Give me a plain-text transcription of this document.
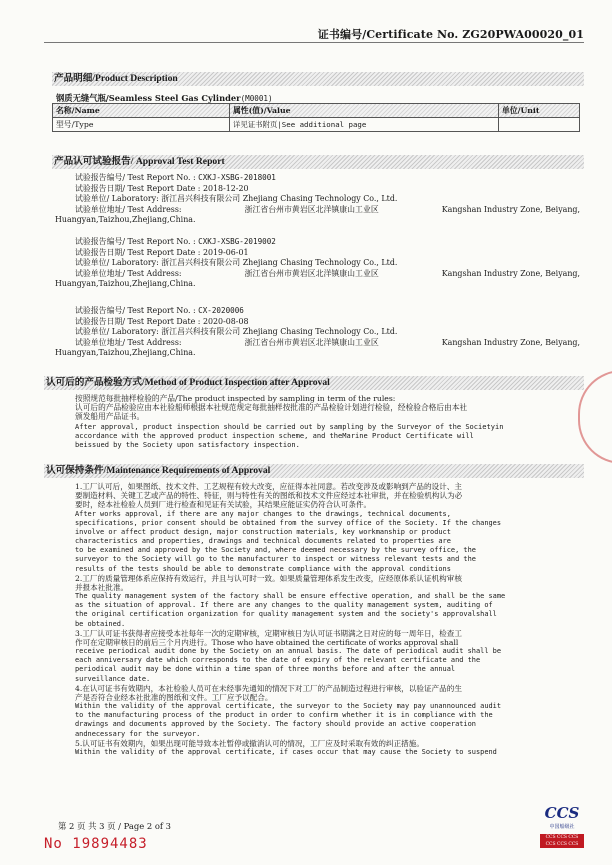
证书编号/Certificate No. ZG20PWA00020_01
产品明细/Product Description
钢质无缝气瓶/Seamless Steel Gas Cylinder(M0001)
名称/Name	属性(值)/Value	单位/Unit
型号/Type	详见证书附页|See additional page	
产品认可试验报告/ Approval Test Report
试验报告编号/ Test Report No. : CXKJ-XSBG-2018001
试验报告日期/ Test Report Date : 2018-12-20
试验单位/ Laboratory: 浙江昌兴科技有限公司 Zhejiang Chasing Technology Co., Ltd.
试验单位地址/ Test Address:	浙江省台州市黄岩区北洋镇康山工业区	Kangshan Industry Zone, Beiyang,
Huangyan,Taizhou,Zhejiang,China.
试验报告编号/ Test Report No. : CXKJ-XSBG-2019002
试验报告日期/ Test Report Date : 2019-06-01
试验单位/ Laboratory: 浙江昌兴科技有限公司 Zhejiang Chasing Technology Co., Ltd.
试验单位地址/ Test Address:	浙江省台州市黄岩区北洋镇康山工业区	Kangshan Industry Zone, Beiyang,
Huangyan,Taizhou,Zhejiang,China.
试验报告编号/ Test Report No. : CX-2020006
试验报告日期/ Test Report Date : 2020-08-08
试验单位/ Laboratory: 浙江昌兴科技有限公司 Zhejiang Chasing Technology Co., Ltd.
试验单位地址/ Test Address:	浙江省台州市黄岩区北洋镇康山工业区	Kangshan Industry Zone, Beiyang,
Huangyan,Taizhou,Zhejiang,China.
认可后的产品检验方式/Method of Product Inspection after Approval

按照规范每批抽样检验的产品/The product inspected by sampling in term of the rules:

认可后的产品检验应由本社验船师根据本社规范规定每批抽样按批准的产品检验计划进行检验，经检验合格后由本社

颁发船用产品证书。

After approval, product inspection should be carried out by sampling by the Surveyor of the Societyin

accordance with the approved product inspection scheme, and theMarine Product Certificate will

beissued by the Society upon satisfactory inspection.

认可保持条件/Maintenance Requirements of Approval

1.工厂认可后，如果图纸、技术文件、工艺规程有较大改变，应征得本社同意。若改变涉及或影响到产品的设计、主

要制造材料、关键工艺或产品的特性、特征，则与特性有关的图纸和技术文件应经过本社审批，并在检验机构认为必

要时，经本社检验人员到厂进行检查和见证有关试验，其结果应能证实仍符合认可条件。

After works approval, if there are any major changes to the drawings, technical documents,

specifications, prior consent should be obtained from the survey office of the Society. If the changes

involve or affect product design, major construction materials, key workmanship or product

characteristics and properties, drawings and technical documents related to properties are

to be examined and approved by the Society and, where deemed necessary by the survey office, the

surveyor to the Society will go to the manufacturer to inspect or witness relevant tests and the

results of the tests should be able to demonstrate compliance with the approval conditions

2.工厂的质量管理体系应保持有效运行，并且与认可时一致。如果质量管理体系发生改变，应经原体系认证机构审核

并报本社批准。

The quality management system of the factory shall be ensure effective operation, and shall be the same

as the situation of approval. If there are any changes to the quality management system, auditing of

the original certification organization for quality management system and the society's approvalshall

be obtained.

3.工厂认可证书获得者应接受本社每年一次的定期审核，定期审核日为认可证书期满之日对应的每一周年日，检查工

作可在定期审核日的前后三个月内进行。Those who have obtained the certificate of works approval shall

receive periodical audit done by the Society on an annual basis. The date of periodical audit shall be

each anniversary date which corresponds to the date of expiry of the relevant certificate and the

periodical audit may be done within a time span of three months before and after the annual

surveillance date.

4.在认可证书有效期内，本社检验人员可在未经事先通知的情况下对工厂的产品制造过程进行审核，以验证产品的生

产是否符合业经本社批准的图纸和文件。工厂应予以配合。

Within the validity of the approval certificate, the surveyor to the Society may pay unannounced audit

to the manufacturing process of the product in order to confirm whether it is in compliance with the

drawings and documents approved by the Society. The factory should provide an active cooperation

andnecessary for the surveyor.

5.认可证书有效期内，如果出现可能导致本社暂停或撤消认可的情况，工厂应及时采取有效的纠正措施。

Within the validity of the approval certificate, if cases occur that may cause the Society to suspend

第 2 页 共 3 页 / Page 2 of 3
No 19894483
CCS
中国船级社
CCS CCS CCS CCS CCS CCS
